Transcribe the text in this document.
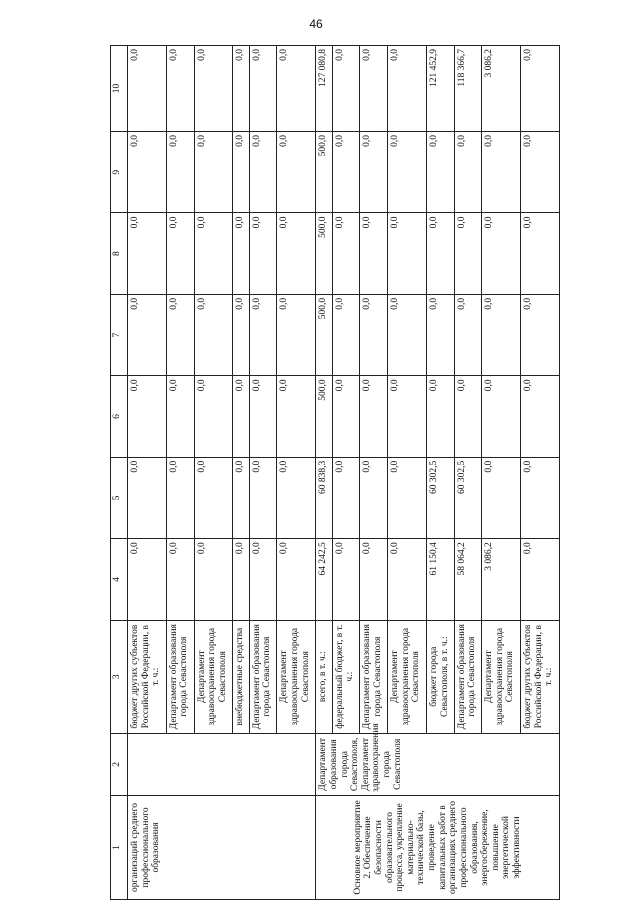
46
1	2	3	4	5	6	7	8	9	10
организаций среднего профессионального образования		бюджет других субъектов Российской Федерации, в т. ч.:	0,0	0,0	0,0	0,0	0,0	0,0	0,0
		Департамент образования города Севастополя	0,0	0,0	0,0	0,0	0,0	0,0	0,0
		Департамент здравоохранения города Севастополя	0,0	0,0	0,0	0,0	0,0	0,0	0,0
		внебюджетные средства	0,0	0,0	0,0	0,0	0,0	0,0	0,0
		Департамент образования города Севастополя	0,0	0,0	0,0	0,0	0,0	0,0	0,0
		Департамент здравоохранения города Севастополя	0,0	0,0	0,0	0,0	0,0	0,0	0,0
Основное мероприятие 2. Обеспечение безопасности образовательного процесса, укрепление материально-технической базы, проведение капитальных работ в организациях среднего профессионального образования, энергосбережение, повышение энергетической эффективности	Департамент образования города Севастополя, Департамент здравоохранения города Севастополя	всего, в т. ч.:	64 242,5	60 838,3	500,0	500,0	500,0	500,0	127 080,8
		федеральный бюджет, в т. ч.:	0,0	0,0	0,0	0,0	0,0	0,0	0,0
		Департамент образования города Севастополя	0,0	0,0	0,0	0,0	0,0	0,0	0,0
		Департамент здравоохранения города Севастополя	0,0	0,0	0,0	0,0	0,0	0,0	0,0
		бюджет города Севастополя, в т. ч.:	61 150,4	60 302,5	0,0	0,0	0,0	0,0	121 452,9
		Департамент образования города Севастополя	58 064,2	60 302,5	0,0	0,0	0,0	0,0	118 366,7
		Департамент здравоохранения города Севастополя	3 086,2	0,0	0,0	0,0	0,0	0,0	3 086,2
		бюджет других субъектов Российской Федерации, в т. ч.:	0,0	0,0	0,0	0,0	0,0	0,0	0,0
